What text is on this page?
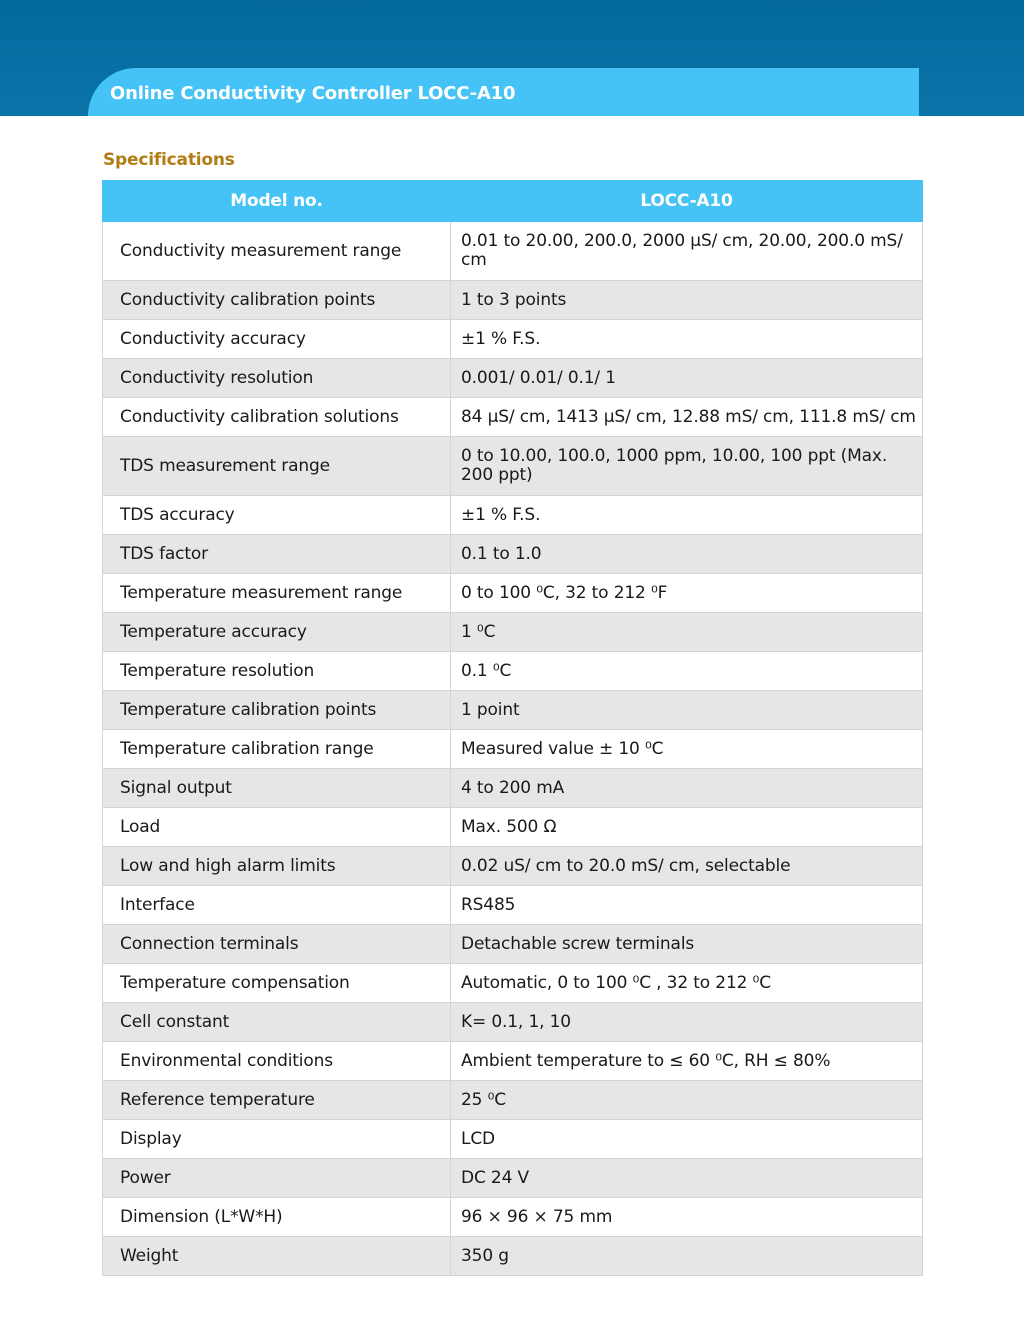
Online Conductivity Controller LOCC-A10
Specifications
Model no.	LOCC-A10
Conductivity measurement range	0.01 to 20.00, 200.0, 2000 μS/ cm, 20.00, 200.0 mS/ cm
Conductivity calibration points	1 to 3 points
Conductivity accuracy	±1 % F.S.
Conductivity resolution	0.001/ 0.01/ 0.1/ 1
Conductivity calibration solutions	84 μS/ cm, 1413 μS/ cm, 12.88 mS/ cm, 111.8 mS/ cm
TDS measurement range	0 to 10.00, 100.0, 1000 ppm, 10.00, 100 ppt (Max. 200 ppt)
TDS accuracy	±1 % F.S.
TDS factor	0.1 to 1.0
Temperature measurement range	0 to 100 ⁰C, 32 to 212 ⁰F
Temperature accuracy	1 ⁰C
Temperature resolution	0.1 ⁰C
Temperature calibration points	1 point
Temperature calibration range	Measured value ± 10 ⁰C
Signal output	4 to 200 mA
Load	Max. 500 Ω
Low and high alarm limits	0.02 uS/ cm to 20.0 mS/ cm, selectable
Interface	RS485
Connection terminals	Detachable screw terminals
Temperature compensation	Automatic, 0 to 100 ⁰C , 32 to 212 ⁰C
Cell constant	K= 0.1, 1, 10
Environmental conditions	Ambient temperature to ≤ 60 ⁰C, RH ≤ 80%
Reference temperature	25 ⁰C
Display	LCD
Power	DC 24 V
Dimension (L*W*H)	96 × 96 × 75 mm
Weight	350 g
